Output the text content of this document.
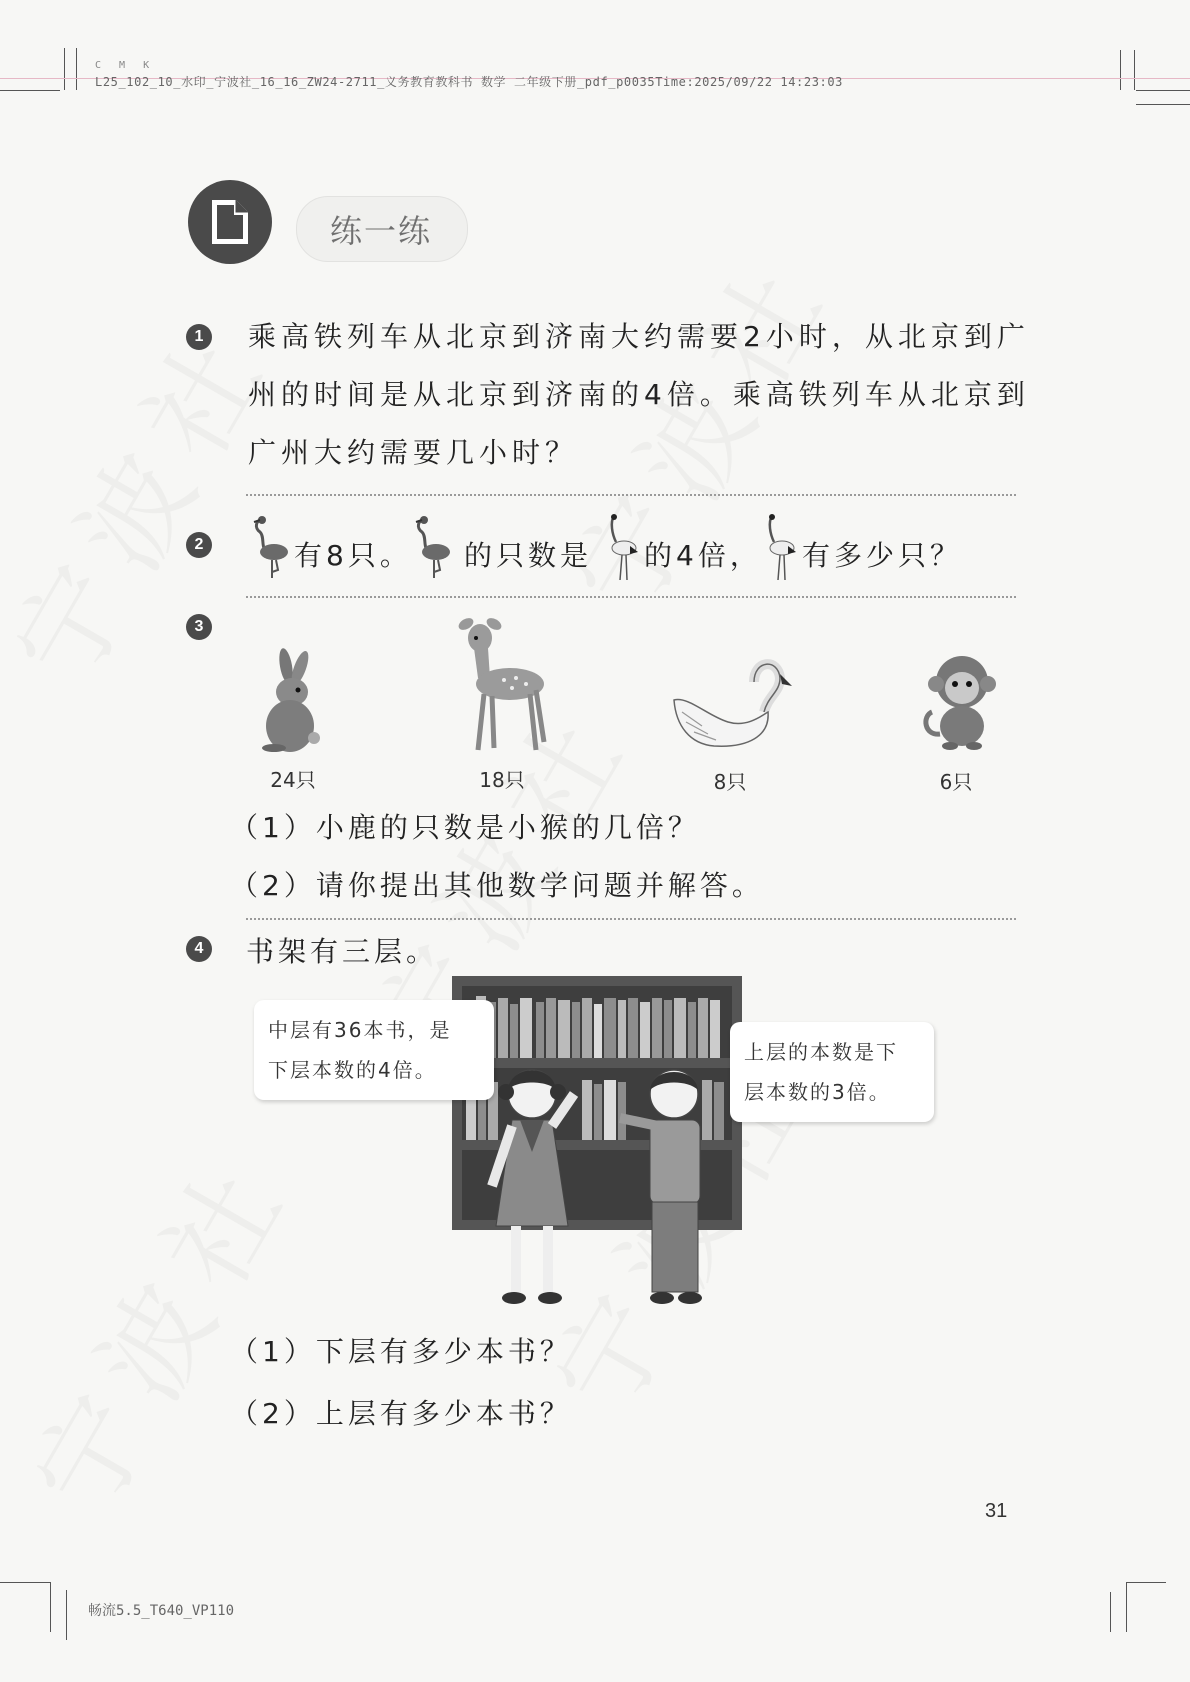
C M K
L25_102_10_水印_宁波社_16_16_ZW24-2711_义务教育教科书 数学 二年级下册_pdf_p0035Time:2025/09/22 14:23:03
练一练
1	乘高铁列车从北京到济南大约需要2小时，从北京到广
州的时间是从北京到济南的4倍。乘高铁列车从北京到
广州大约需要几小时？
2	有8只。 的只数是 的4倍， 有多少只？
3
24只	18只	8只	6只
（1）小鹿的只数是小猴的几倍？
（2）请你提出其他数学问题并解答。
4	书架有三层。
中层有36本书，是
下层本数的4倍。
上层的本数是下
层本数的3倍。
（1）下层有多少本书？
（2）上层有多少本书？
31
畅流5.5_T640_VP110
